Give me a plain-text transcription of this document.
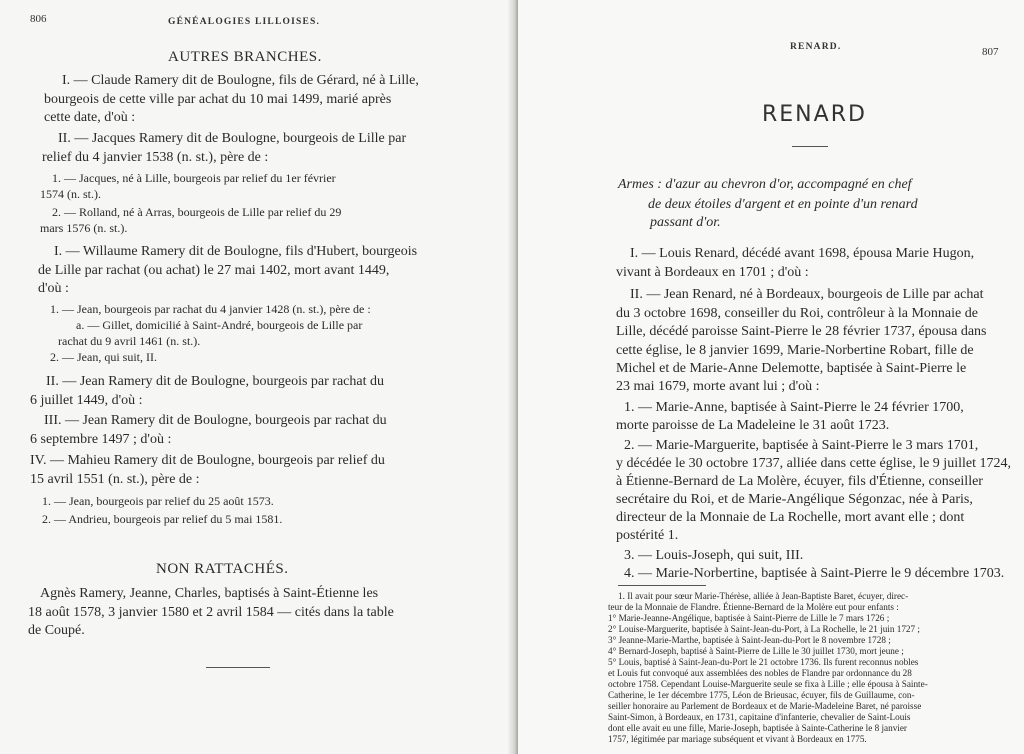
806	GÉNÉALOGIES LILLOISES.
AUTRES BRANCHES.
I. — Claude Ramery dit de Boulogne, fils de Gérard, né à Lille,
bourgeois de cette ville par achat du 10 mai 1499, marié après
cette date, d'où :
II. — Jacques Ramery dit de Boulogne, bourgeois de Lille par
relief du 4 janvier 1538 (n. st.), père de :
1. — Jacques, né à Lille, bourgeois par relief du 1er février
1574 (n. st.).
2. — Rolland, né à Arras, bourgeois de Lille par relief du 29
mars 1576 (n. st.).
I. — Willaume Ramery dit de Boulogne, fils d'Hubert, bourgeois
de Lille par rachat (ou achat) le 27 mai 1402, mort avant 1449,
d'où :
1. — Jean, bourgeois par rachat du 4 janvier 1428 (n. st.), père de :
a. — Gillet, domicilié à Saint-André, bourgeois de Lille par
rachat du 9 avril 1461 (n. st.).
2. — Jean, qui suit, II.
II. — Jean Ramery dit de Boulogne, bourgeois par rachat du
6 juillet 1449, d'où :
III. — Jean Ramery dit de Boulogne, bourgeois par rachat du
6 septembre 1497 ; d'où :
IV. — Mahieu Ramery dit de Boulogne, bourgeois par relief du
15 avril 1551 (n. st.), père de :
1. — Jean, bourgeois par relief du 25 août 1573.
2. — Andrieu, bourgeois par relief du 5 mai 1581.
NON RATTACHÉS.
Agnès Ramery, Jeanne, Charles, baptisés à Saint-Étienne les
18 août 1578, 3 janvier 1580 et 2 avril 1584 — cités dans la table
de Coupé.
RENARD.	807
RENARD
Armes : d'azur au chevron d'or, accompagné en chef
de deux étoiles d'argent et en pointe d'un renard
passant d'or.
I. — Louis Renard, décédé avant 1698, épousa Marie Hugon,
vivant à Bordeaux en 1701 ; d'où :
II. — Jean Renard, né à Bordeaux, bourgeois de Lille par achat
du 3 octobre 1698, conseiller du Roi, contrôleur à la Monnaie de
Lille, décédé paroisse Saint-Pierre le 28 février 1737, épousa dans
cette église, le 8 janvier 1699, Marie-Norbertine Robart, fille de
Michel et de Marie-Anne Delemotte, baptisée à Saint-Pierre le
23 mai 1679, morte avant lui ; d'où :
1. — Marie-Anne, baptisée à Saint-Pierre le 24 février 1700,
morte paroisse de La Madeleine le 31 août 1723.
2. — Marie-Marguerite, baptisée à Saint-Pierre le 3 mars 1701,
y décédée le 30 octobre 1737, alliée dans cette église, le 9 juillet 1724,
à Étienne-Bernard de La Molère, écuyer, fils d'Étienne, conseiller
secrétaire du Roi, et de Marie-Angélique Ségonzac, née à Paris,
directeur de la Monnaie de La Rochelle, mort avant elle ; dont
postérité 1.
3. — Louis-Joseph, qui suit, III.
4. — Marie-Norbertine, baptisée à Saint-Pierre le 9 décembre 1703.
1. Il avait pour sœur Marie-Thérèse, alliée à Jean-Baptiste Baret, écuyer, direc-
teur de la Monnaie de Flandre. Étienne-Bernard de la Molère eut pour enfants :
1° Marie-Jeanne-Angélique, baptisée à Saint-Pierre de Lille le 7 mars 1726 ;
2° Louise-Marguerite, baptisée à Saint-Jean-du-Port, à La Rochelle, le 21 juin 1727 ;
3° Jeanne-Marie-Marthe, baptisée à Saint-Jean-du-Port le 8 novembre 1728 ;
4° Bernard-Joseph, baptisé à Saint-Pierre de Lille le 30 juillet 1730, mort jeune ;
5° Louis, baptisé à Saint-Jean-du-Port le 21 octobre 1736. Ils furent reconnus nobles
et Louis fut convoqué aux assemblées des nobles de Flandre par ordonnance du 28
octobre 1758. Cependant Louise-Marguerite seule se fixa à Lille ; elle épousa à Sainte-
Catherine, le 1er décembre 1775, Léon de Brieusac, écuyer, fils de Guillaume, con-
seiller honoraire au Parlement de Bordeaux et de Marie-Madeleine Baret, né paroisse
Saint-Simon, à Bordeaux, en 1731, capitaine d'infanterie, chevalier de Saint-Louis
dont elle avait eu une fille, Marie-Joseph, baptisée à Sainte-Catherine le 8 janvier
1757, légitimée par mariage subséquent et vivant à Bordeaux en 1775.
